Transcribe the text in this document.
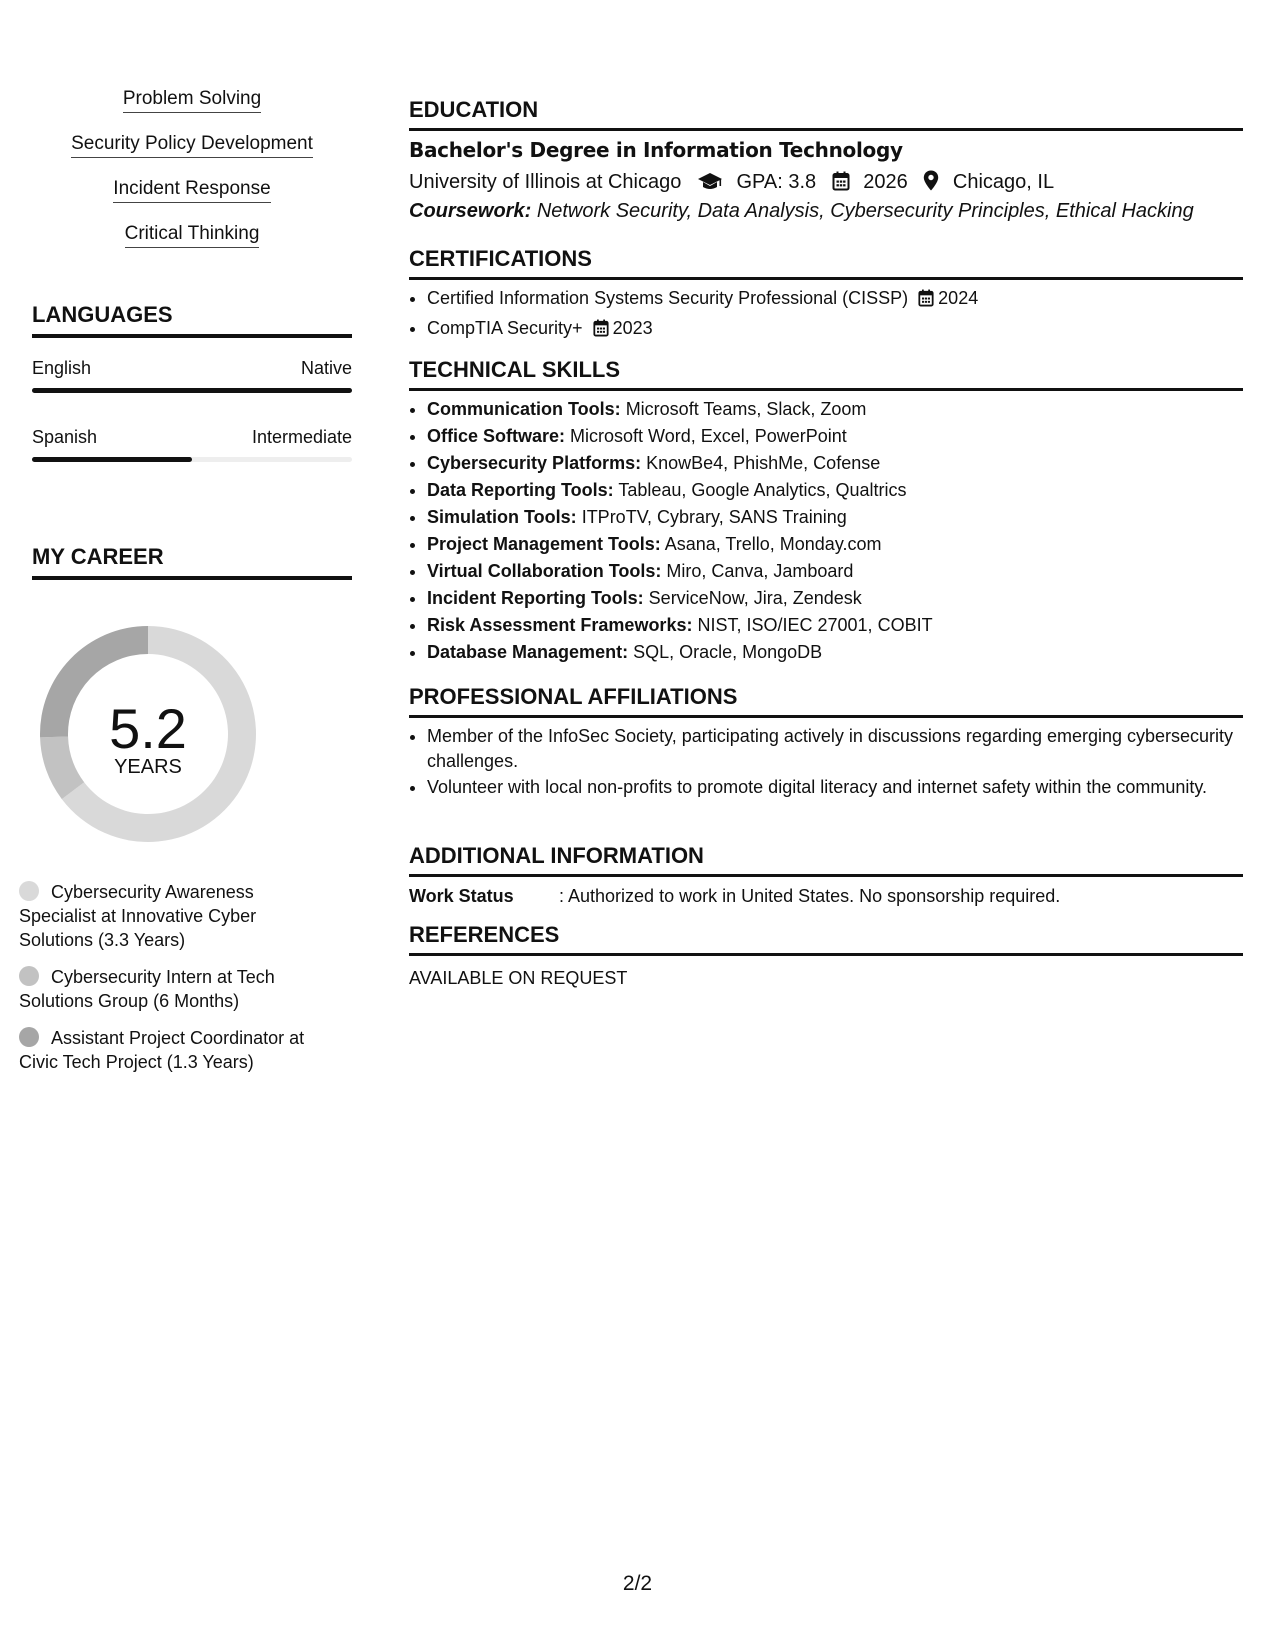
Problem Solving
Security Policy Development
Incident Response
Critical Thinking
LANGUAGES
English	Native
Spanish	Intermediate
MY CAREER
5.2
YEARS
Cybersecurity Awareness Specialist at Innovative Cyber Solutions (3.3 Years)
Cybersecurity Intern at Tech Solutions Group (6 Months)
Assistant Project Coordinator at Civic Tech Project (1.3 Years)
EDUCATION
Bachelor's Degree in Information Technology
University of Illinois at Chicago	GPA: 3.8 2026 Chicago, IL
Coursework: Network Security, Data Analysis, Cybersecurity Principles, Ethical Hacking
CERTIFICATIONS
• Certified Information Systems Security Professional (CISSP) 2024
• CompTIA Security+ 2023
TECHNICAL SKILLS
• Communication Tools: Microsoft Teams, Slack, Zoom
• Office Software: Microsoft Word, Excel, PowerPoint
• Cybersecurity Platforms: KnowBe4, PhishMe, Cofense
• Data Reporting Tools: Tableau, Google Analytics, Qualtrics
• Simulation Tools: ITProTV, Cybrary, SANS Training
• Project Management Tools: Asana, Trello, Monday.com
• Virtual Collaboration Tools: Miro, Canva, Jamboard
• Incident Reporting Tools: ServiceNow, Jira, Zendesk
• Risk Assessment Frameworks: NIST, ISO/IEC 27001, COBIT
• Database Management: SQL, Oracle, MongoDB
PROFESSIONAL AFFILIATIONS
• Member of the InfoSec Society, participating actively in discussions regarding emerging cybersecurity challenges.
• Volunteer with local non-profits to promote digital literacy and internet safety within the community.
ADDITIONAL INFORMATION
Work Status	: Authorized to work in United States. No sponsorship required.
REFERENCES
AVAILABLE ON REQUEST
2/2
